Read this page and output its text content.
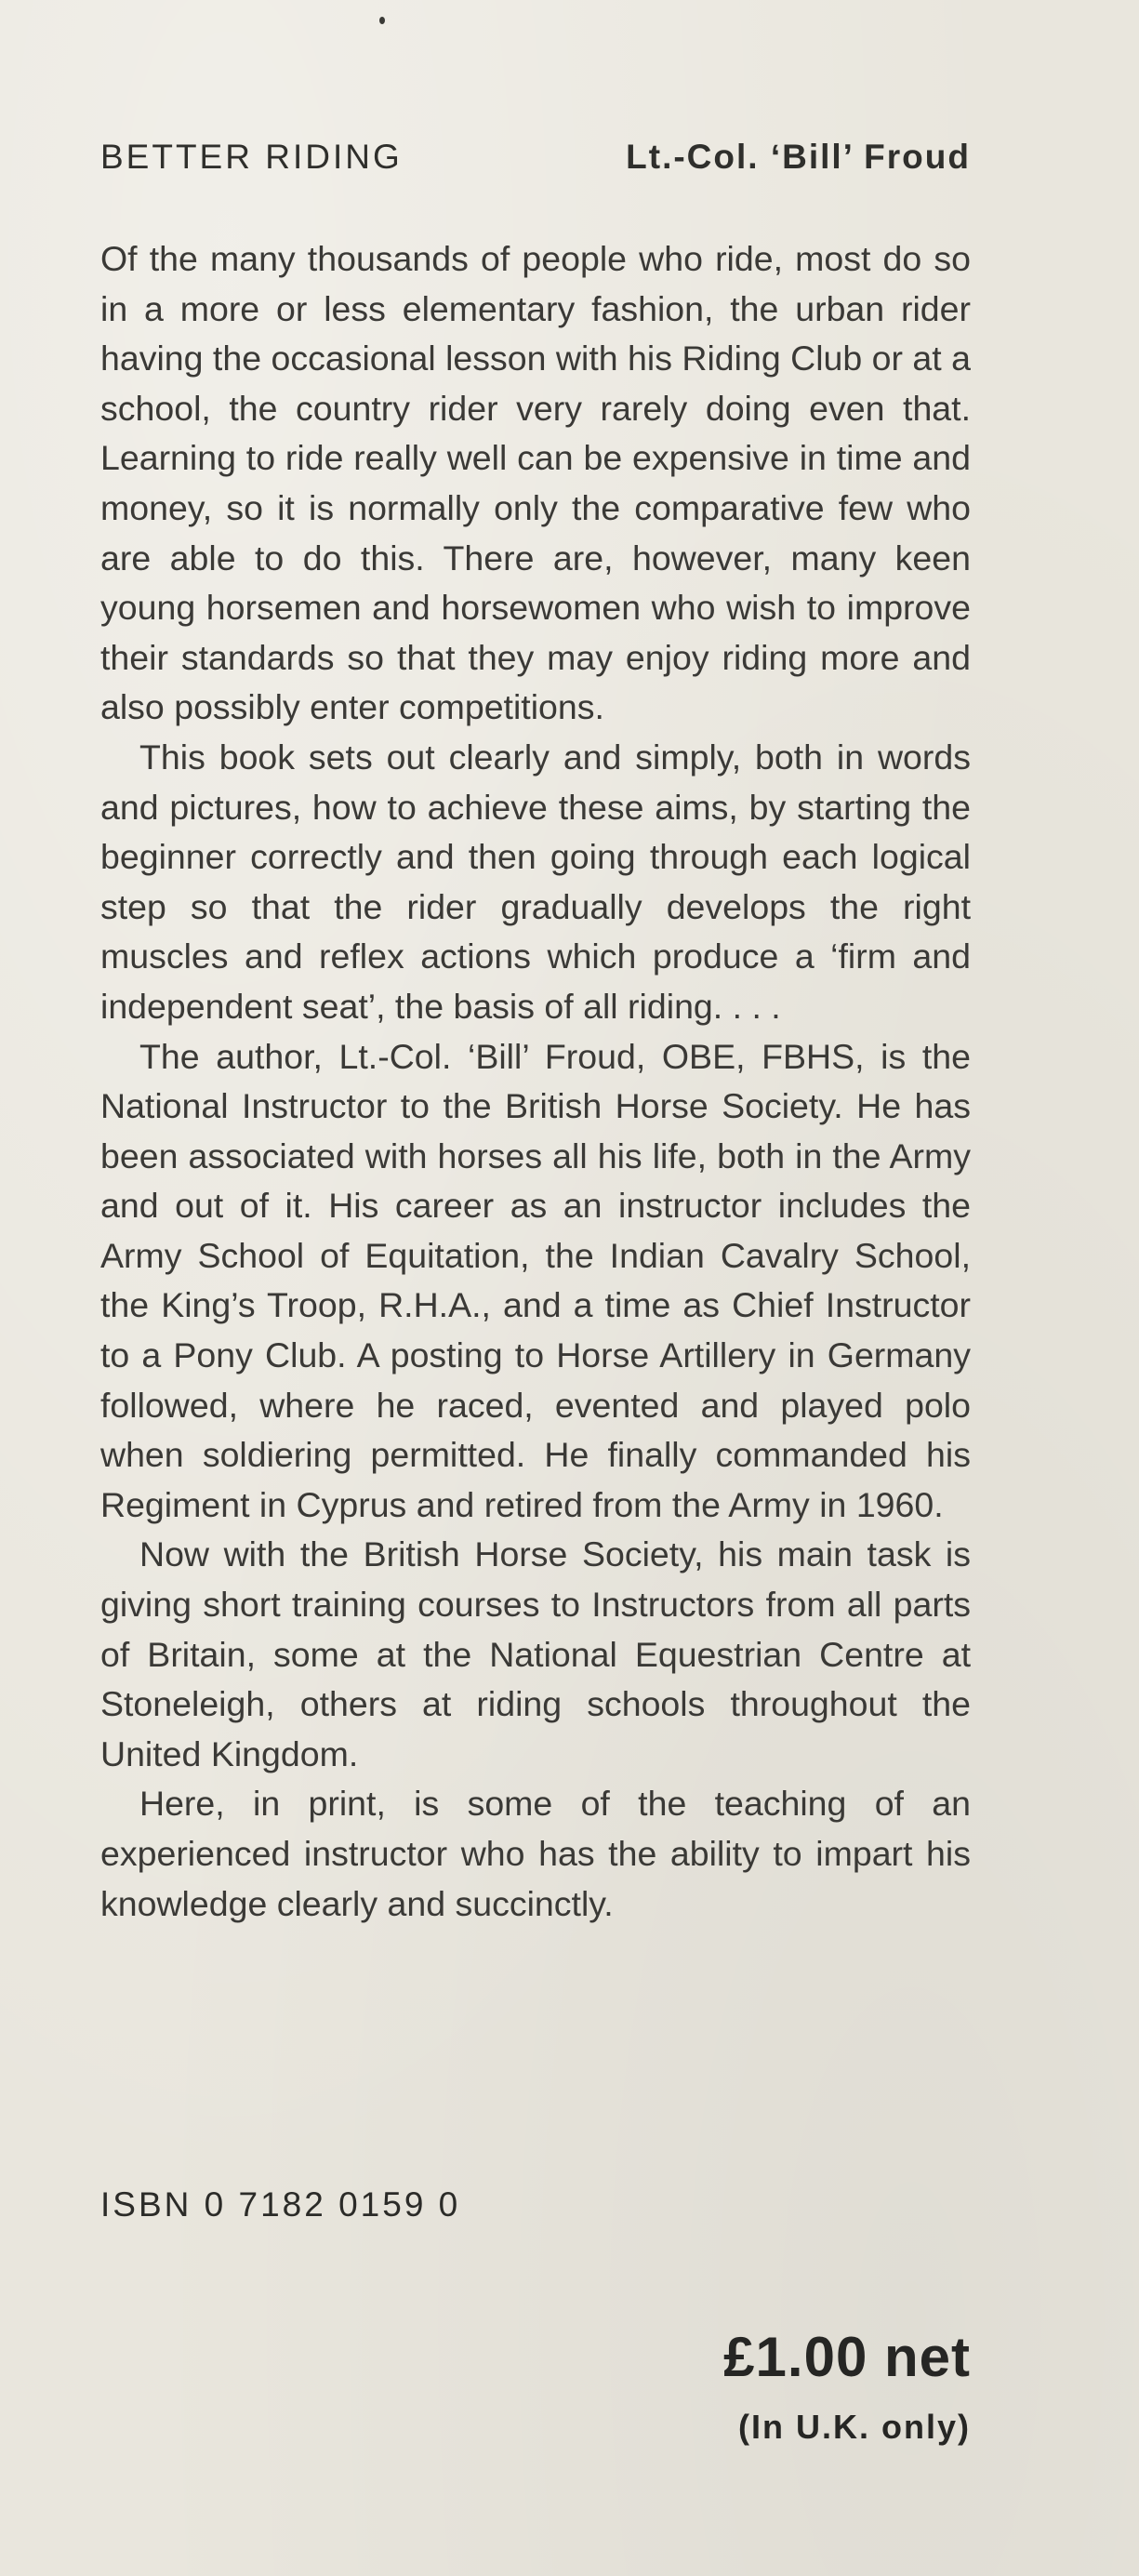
BETTER RIDING	Lt.-Col. ‘Bill’ Froud

Of the many thousands of people who ride, most do so in a more or less elementary fashion, the urban rider having the occasional lesson with his Riding Club or at a school, the country rider very rarely doing even that. Learning to ride really well can be expensive in time and money, so it is normally only the comparative few who are able to do this. There are, however, many keen young horsemen and horsewomen who wish to improve their standards so that they may enjoy riding more and also possibly enter competitions.

This book sets out clearly and simply, both in words and pictures, how to achieve these aims, by starting the beginner correctly and then going through each logical step so that the rider gradually develops the right muscles and reflex actions which produce a ‘firm and independent seat’, the basis of all riding. . . .

The author, Lt.-Col. ‘Bill’ Froud, OBE, FBHS, is the National Instructor to the British Horse Society. He has been associated with horses all his life, both in the Army and out of it. His career as an instructor includes the Army School of Equitation, the Indian Cavalry School, the King’s Troop, R.H.A., and a time as Chief Instructor to a Pony Club. A posting to Horse Artillery in Germany followed, where he raced, evented and played polo when soldiering permitted. He finally commanded his Regiment in Cyprus and retired from the Army in 1960.

Now with the British Horse Society, his main task is giving short training courses to Instructors from all parts of Britain, some at the National Equestrian Centre at Stoneleigh, others at riding schools throughout the United Kingdom.

Here, in print, is some of the teaching of an experienced instructor who has the ability to impart his knowledge clearly and succinctly.

ISBN 0 7182 0159 0
£1.00 net
(In U.K. only)
